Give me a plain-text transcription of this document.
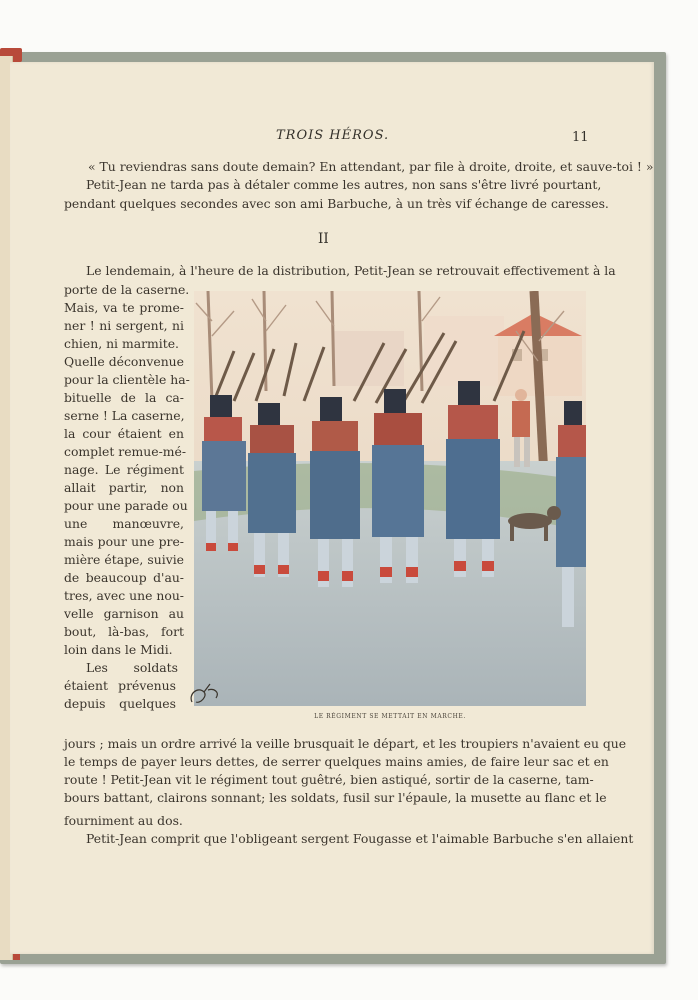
TROIS HÉROS.	11
« Tu reviendras sans doute demain? En attendant, par file à droite, droite, et sauve-toi ! »
Petit-Jean ne tarda pas à détaler comme les autres, non sans s'être livré pourtant,
pendant quelques secondes avec son ami Barbuche, à un très vif échange de caresses.
II
Le lendemain, à l'heure de la distribution, Petit-Jean se retrouvait effectivement à la
porte de la caserne.
Mais, va te prome-
ner ! ni sergent, ni
chien, ni marmite.
Quelle déconvenue
pour la clientèle ha-
bituelle de la ca-
serne ! La caserne,
la cour étaient en
complet remue-mé-
nage. Le régiment
allait partir, non
pour une parade ou
une manœuvre,
mais pour une pre-
mière étape, suivie
de beaucoup d'au-
tres, avec une nou-
velle garnison au
bout, là-bas, fort
loin dans le Midi.
Les soldats
étaient prévenus
depuis quelques
jours ; mais un ordre arrivé la veille brusquait le départ, et les troupiers n'avaient eu que
le temps de payer leurs dettes, de serrer quelques mains amies, de faire leur sac et en
route ! Petit-Jean vit le régiment tout guêtré, bien astiqué, sortir de la caserne, tam-
bours battant, clairons sonnant; les soldats, fusil sur l'épaule, la musette au flanc et le
fourniment au dos.
Petit-Jean comprit que l'obligeant sergent Fougasse et l'aimable Barbuche s'en allaient
LE RÉGIMENT SE METTAIT EN MARCHE.
